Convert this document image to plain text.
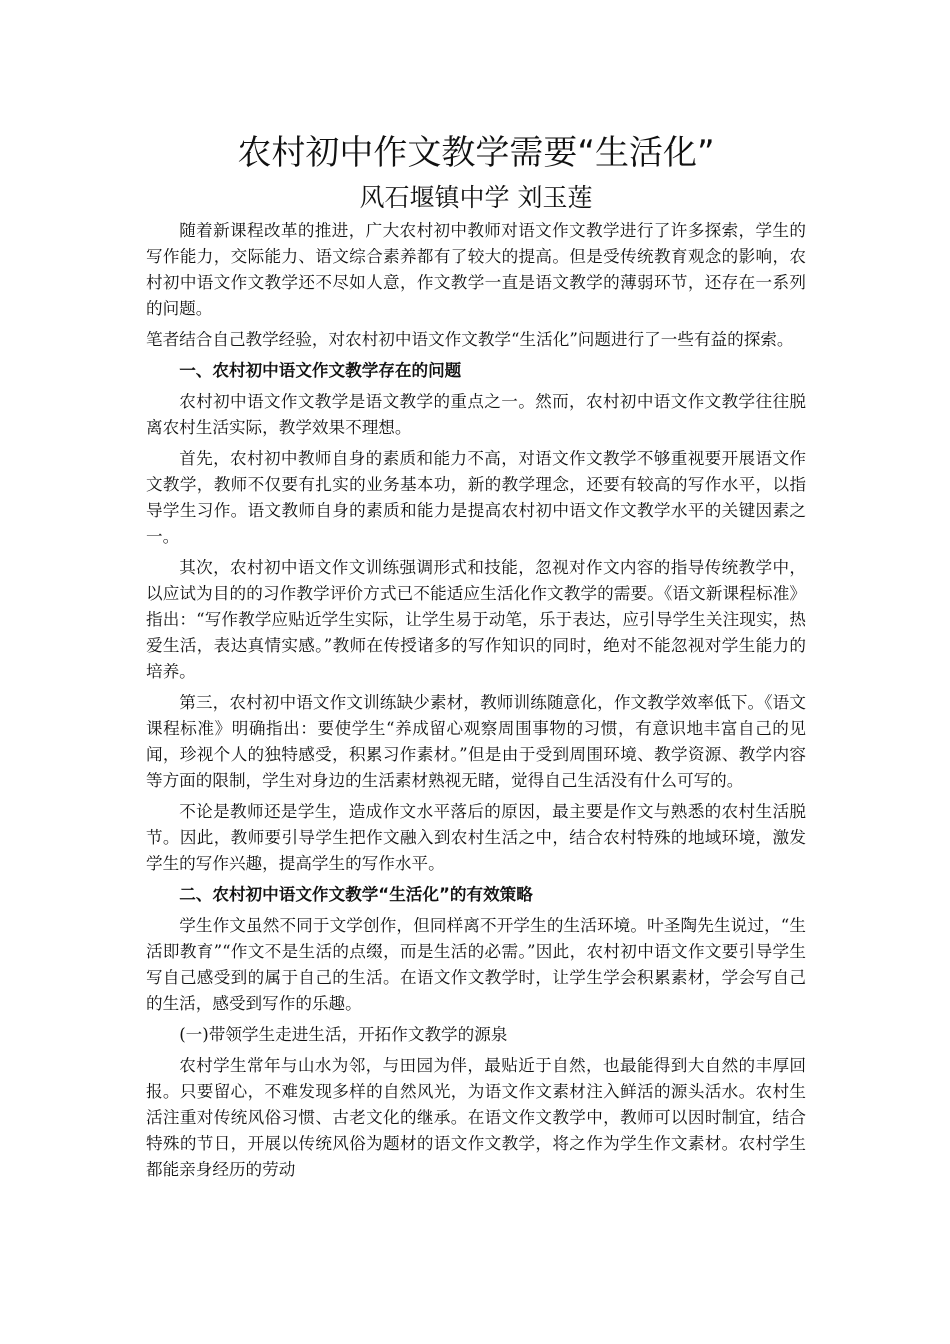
农村初中作文教学需要“生活化”
风石堰镇中学 刘玉莲

随着新课程改革的推进，广大农村初中教师对语文作文教学进行了许多探索，学生的写作能力，交际能力、语文综合素养都有了较大的提高。但是受传统教育观念的影响，农村初中语文作文教学还不尽如人意，作文教学一直是语文教学的薄弱环节，还存在一系列的问题。

笔者结合自己教学经验，对农村初中语文作文教学“生活化”问题进行了一些有益的探索。

一、农村初中语文作文教学存在的问题

农村初中语文作文教学是语文教学的重点之一。然而，农村初中语文作文教学往往脱离农村生活实际，教学效果不理想。

首先，农村初中教师自身的素质和能力不高，对语文作文教学不够重视要开展语文作文教学，教师不仅要有扎实的业务基本功，新的教学理念，还要有较高的写作水平，以指导学生习作。语文教师自身的素质和能力是提高农村初中语文作文教学水平的关键因素之一。

其次，农村初中语文作文训练强调形式和技能，忽视对作文内容的指导传统教学中，以应试为目的的习作教学评价方式已不能适应生活化作文教学的需要。《语文新课程标准》指出：“写作教学应贴近学生实际，让学生易于动笔，乐于表达，应引导学生关注现实，热爱生活，表达真情实感。”教师在传授诸多的写作知识的同时，绝对不能忽视对学生能力的培养。

第三，农村初中语文作文训练缺少素材，教师训练随意化，作文教学效率低下。《语文课程标准》明确指出：要使学生“养成留心观察周围事物的习惯，有意识地丰富自己的见闻，珍视个人的独特感受，积累习作素材。”但是由于受到周围环境、教学资源、教学内容等方面的限制，学生对身边的生活素材熟视无睹，觉得自己生活没有什么可写的。

不论是教师还是学生，造成作文水平落后的原因，最主要是作文与熟悉的农村生活脱节。因此，教师要引导学生把作文融入到农村生活之中，结合农村特殊的地域环境，激发学生的写作兴趣，提高学生的写作水平。

二、农村初中语文作文教学“生活化”的有效策略

学生作文虽然不同于文学创作，但同样离不开学生的生活环境。叶圣陶先生说过，“生活即教育”“作文不是生活的点缀，而是生活的必需。”因此，农村初中语文作文要引导学生写自己感受到的属于自己的生活。在语文作文教学时，让学生学会积累素材，学会写自己的生活，感受到写作的乐趣。

(一)带领学生走进生活，开拓作文教学的源泉

农村学生常年与山水为邻，与田园为伴，最贴近于自然，也最能得到大自然的丰厚回报。只要留心，不难发现多样的自然风光，为语文作文素材注入鲜活的源头活水。农村生活注重对传统风俗习惯、古老文化的继承。在语文作文教学中，教师可以因时制宜，结合特殊的节日，开展以传统风俗为题材的语文作文教学，将之作为学生作文素材。农村学生都能亲身经历的劳动
